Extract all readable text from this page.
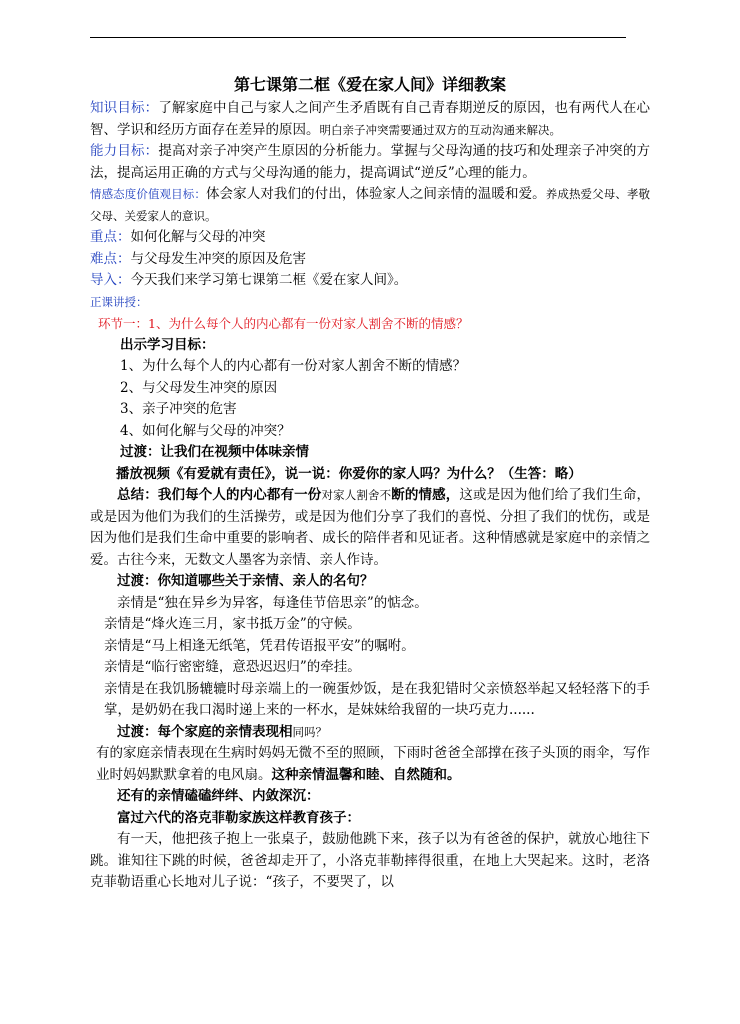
第七课第二框《爱在家人间》详细教案

知识目标：了解家庭中自己与家人之间产生矛盾既有自己青春期逆反的原因，也有两代人在心智、学识和经历方面存在差异的原因。明白亲子冲突需要通过双方的互动沟通来解决。

能力目标：提高对亲子冲突产生原因的分析能力。掌握与父母沟通的技巧和处理亲子冲突的方法，提高运用正确的方式与父母沟通的能力，提高调试“逆反”心理的能力。

情感态度价值观目标：体会家人对我们的付出，体验家人之间亲情的温暖和爱。养成热爱父母、孝敬父母、关爱家人的意识。

重点：如何化解与父母的冲突

难点：与父母发生冲突的原因及危害

导入：今天我们来学习第七课第二框《爱在家人间》。

正课讲授：

环节一：1、为什么每个人的内心都有一份对家人割舍不断的情感？

出示学习目标：

1、为什么每个人的内心都有一份对家人割舍不断的情感？

2、与父母发生冲突的原因

3、亲子冲突的危害

4、如何化解与父母的冲突？

过渡：让我们在视频中体味亲情

播放视频《有爱就有责任》，说一说：你爱你的家人吗？为什么？（生答：略）

总结：我们每个人的内心都有一份对家人割舍不断的情感，这或是因为他们给了我们生命，或是因为他们为我们的生活操劳，或是因为他们分享了我们的喜悦、分担了我们的忧伤，或是因为他们是我们生命中重要的影响者、成长的陪伴者和见证者。这种情感就是家庭中的亲情之爱。古往今来，无数文人墨客为亲情、亲人作诗。

过渡：你知道哪些关于亲情、亲人的名句？

亲情是“独在异乡为异客，每逢佳节倍思亲”的惦念。

亲情是“烽火连三月，家书抵万金”的守候。

亲情是“马上相逢无纸笔，凭君传语报平安”的嘱咐。

亲情是“临行密密缝，意恐迟迟归”的牵挂。

亲情是在我饥肠辘辘时母亲端上的一碗蛋炒饭，是在我犯错时父亲愤怒举起又轻轻落下的手掌，是奶奶在我口渴时递上来的一杯水，是妹妹给我留的一块巧克力......

过渡：每个家庭的亲情表现相同吗？

有的家庭亲情表现在生病时妈妈无微不至的照顾，下雨时爸爸全部撑在孩子头顶的雨伞，写作业时妈妈默默拿着的电风扇。这种亲情温馨和睦、自然随和。

还有的亲情磕磕绊绊、内敛深沉：

富过六代的洛克菲勒家族这样教育孩子：

有一天，他把孩子抱上一张桌子，鼓励他跳下来，孩子以为有爸爸的保护，就放心地往下跳。谁知往下跳的时候，爸爸却走开了，小洛克菲勒摔得很重，在地上大哭起来。这时，老洛克菲勒语重心长地对儿子说：“孩子，不要哭了，以
